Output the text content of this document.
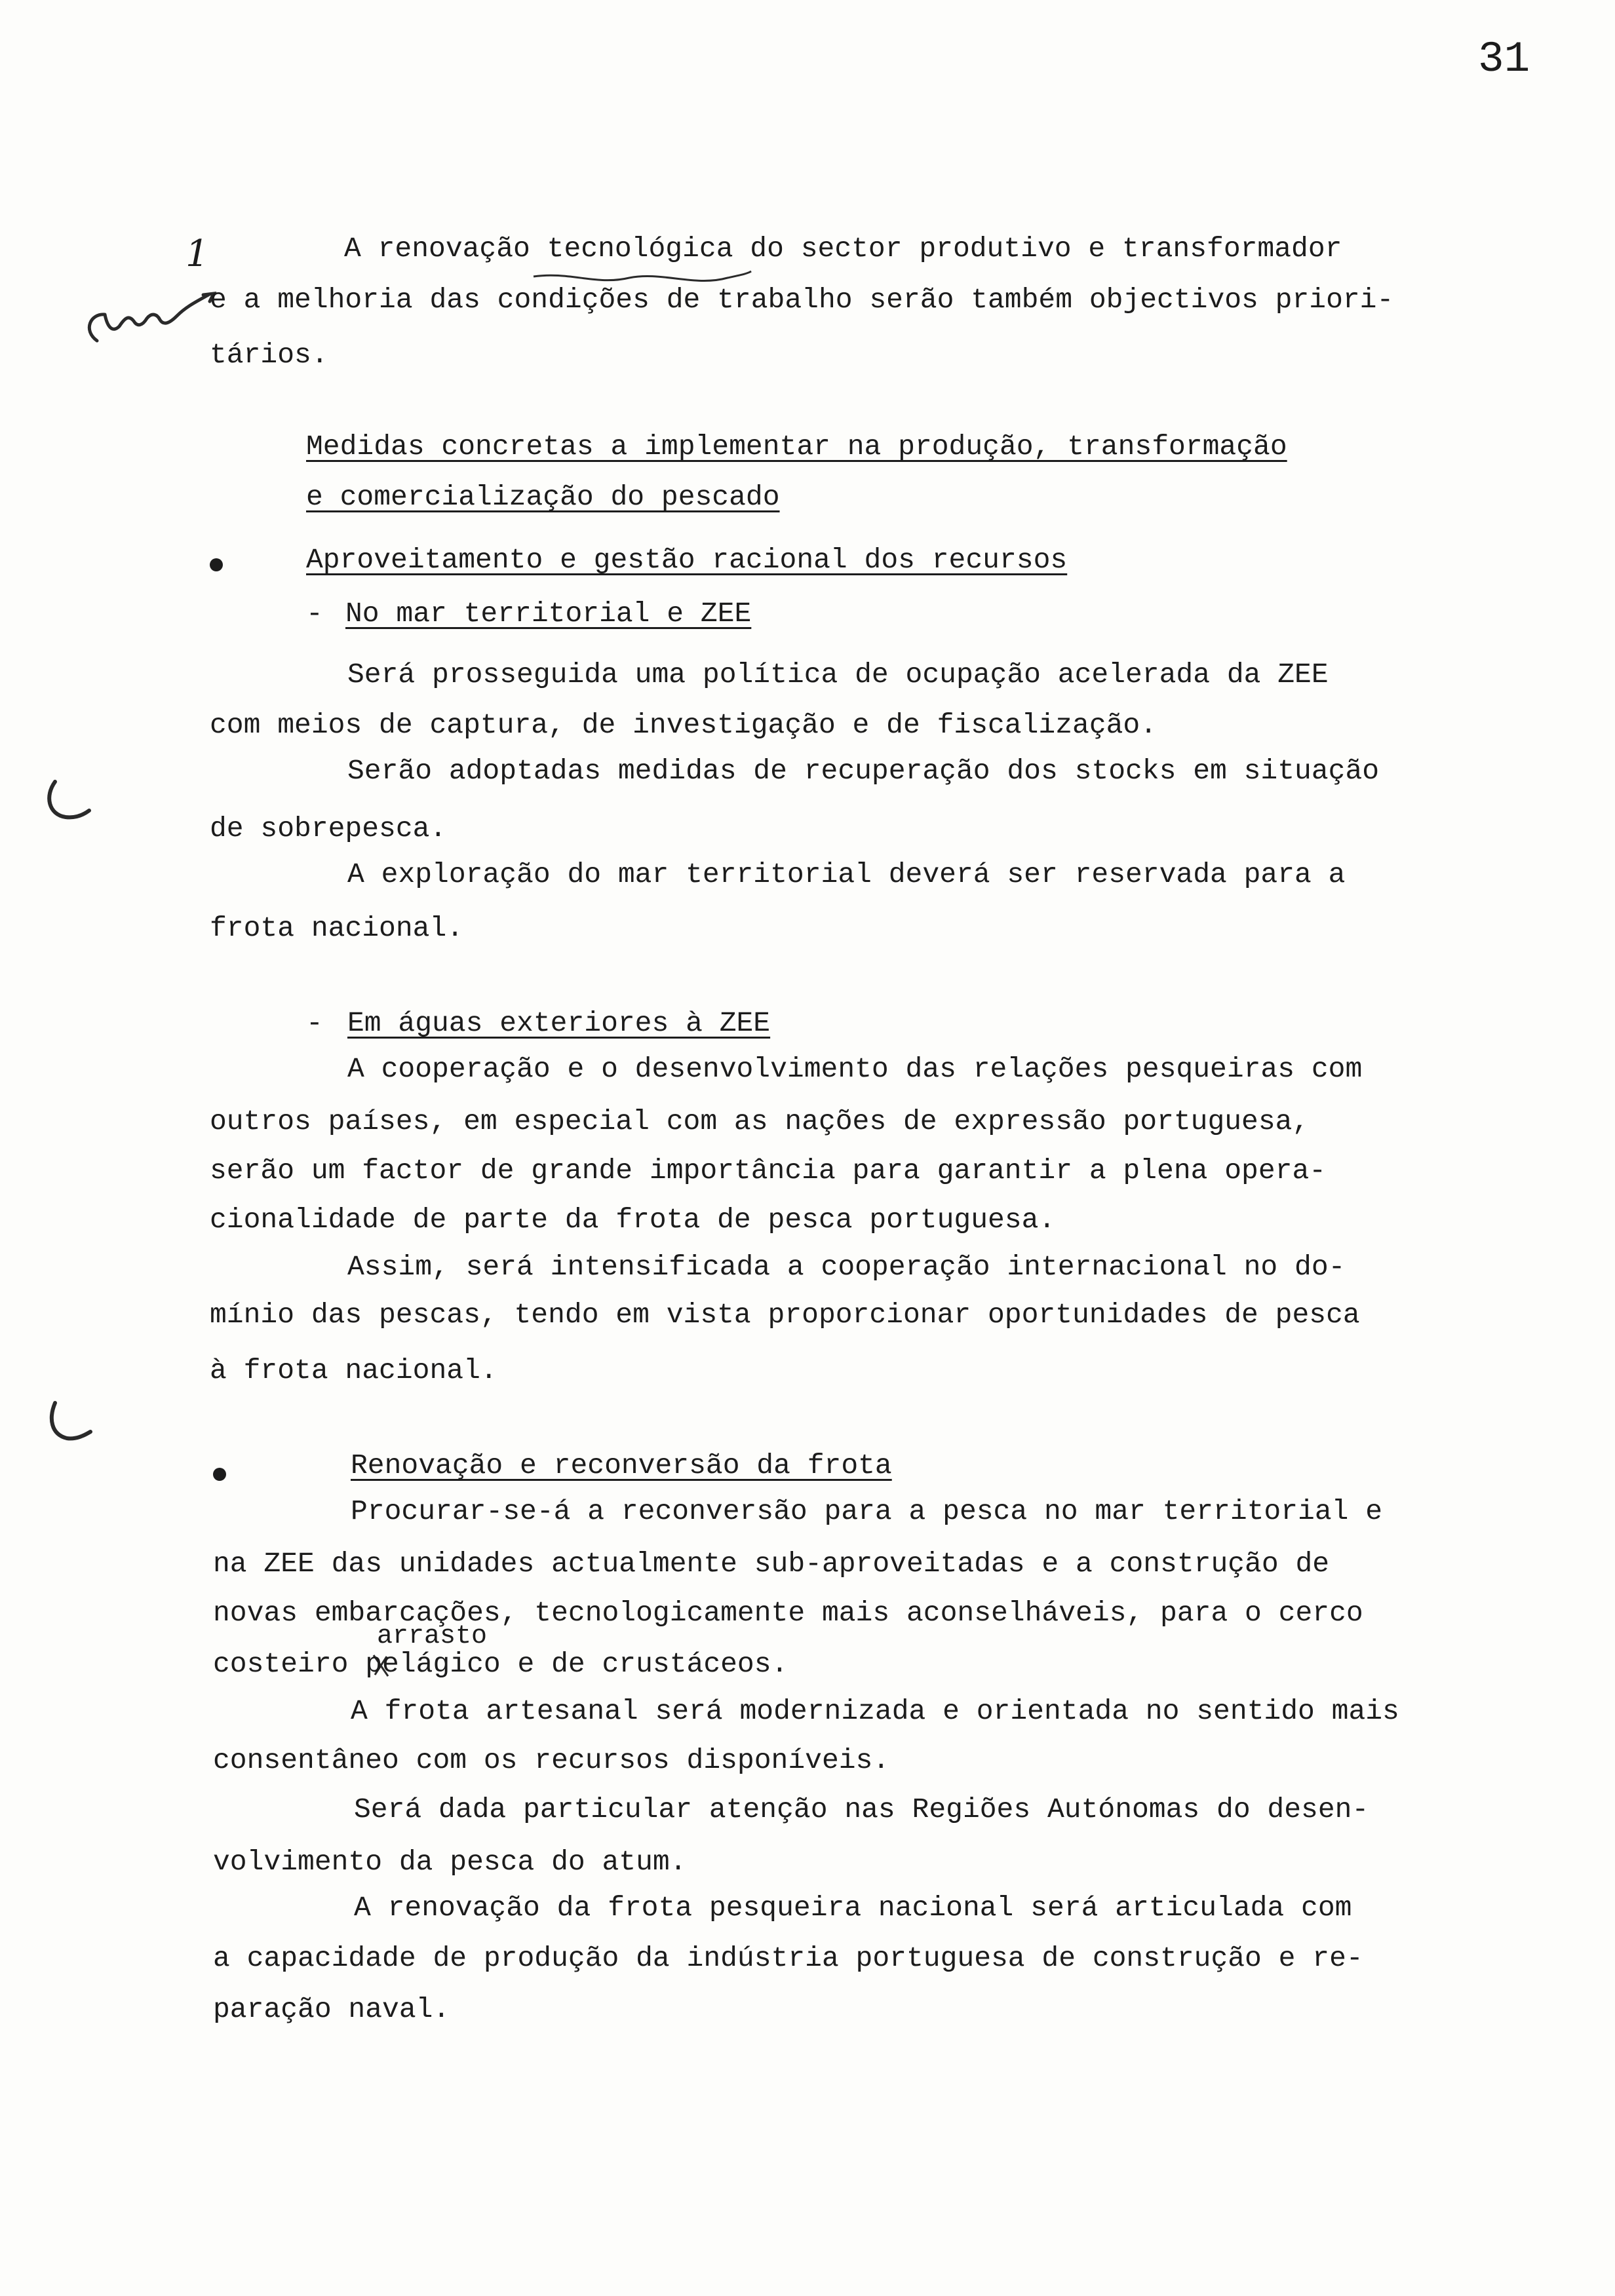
31
1	A renovação tecnológica do sector produtivo e transformador
e a melhoria das condições de trabalho serão também objectivos priori-
tários.
Medidas concretas a implementar na produção, transformação
e comercialização do pescado
Aproveitamento e gestão racional dos recursos
- No mar territorial e ZEE
Será prosseguida uma política de ocupação acelerada da ZEE
com meios de captura, de investigação e de fiscalização.
Serão adoptadas medidas de recuperação dos stocks em situação
de sobrepesca.
A exploração do mar territorial deverá ser reservada para a
frota nacional.
- Em águas exteriores à ZEE
A cooperação e o desenvolvimento das relações pesqueiras com
outros países, em especial com as nações de expressão portuguesa,
serão um factor de grande importância para garantir a plena opera-
cionalidade de parte da frota de pesca portuguesa.
Assim, será intensificada a cooperação internacional no do-
mínio das pescas, tendo em vista proporcionar oportunidades de pesca
à frota nacional.
Renovação e reconversão da frota
Procurar-se-á a reconversão para a pesca no mar territorial e
na ZEE das unidades actualmente sub-aproveitadas e a construção de
novas embarcações, tecnologicamente mais aconselháveis, para o cerco
arrasto
costeiro pelágico e de crustáceos.
A frota artesanal será modernizada e orientada no sentido mais
consentâneo com os recursos disponíveis.
Será dada particular atenção nas Regiões Autónomas do desen-
volvimento da pesca do atum.
A renovação da frota pesqueira nacional será articulada com
a capacidade de produção da indústria portuguesa de construção e re-
paração naval.
